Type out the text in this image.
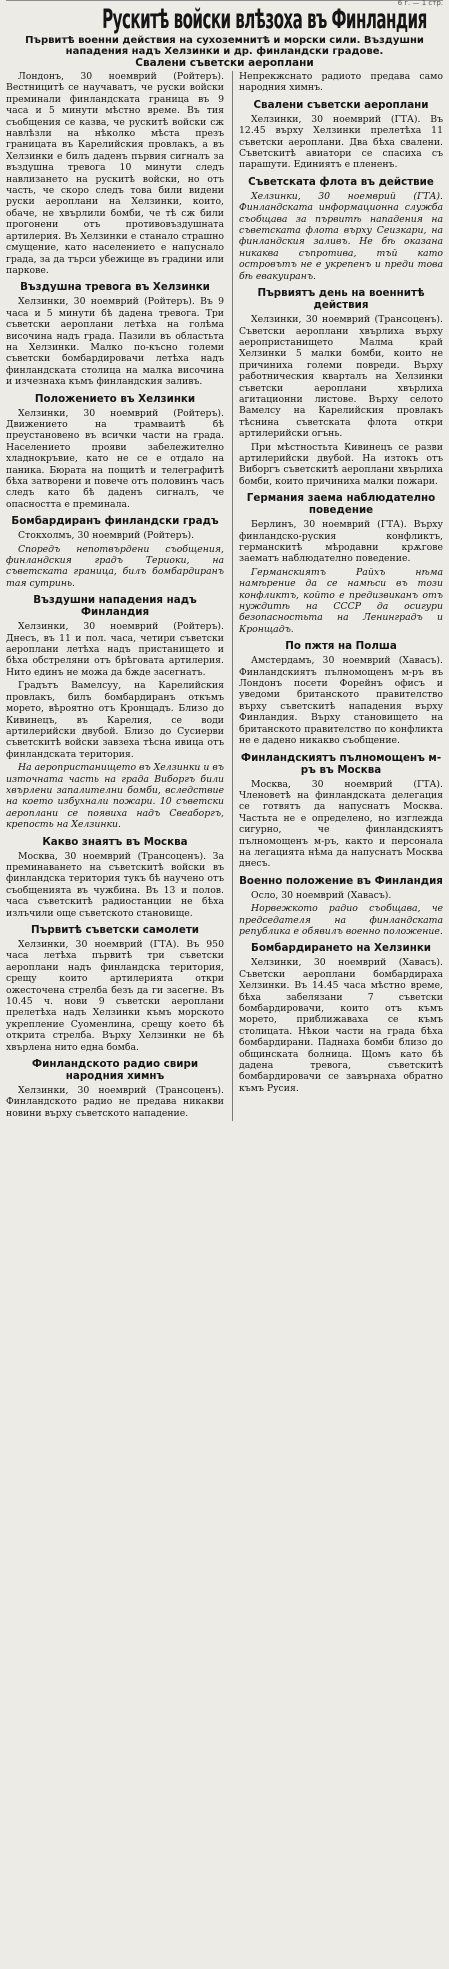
6 г. — 1 стр.
Рускитѣ войски влѣзоха въ Финландия
Първитѣ военни действия на сухоземнитѣ и морски сили. Въздушни нападения надъ Хелзинки и др. финландски градове.
Свалени съветски аероплани

Лондонъ, 30 ноемврий (Ройтеръ). Вестницитѣ се научаватъ, че руски войски преминали финландската граница въ 9 часа и 5 минути мѣстно време. Въ тия съобщения се казва, че рускитѣ войски сж навлѣзли на нѣколко мѣста презъ границата въ Карелийския провлакъ, а въ Хелзинки е билъ даденъ първия сигналъ за въздушна тревога 10 минути следъ навлизането на рускитѣ войски, но отъ часть, че скоро следъ това били видени руски аероплани на Хелзинки, които, обаче, не хвърлили бомби, че тѣ сж били прогонени отъ противовъздушната артилерия. Въ Хелзинки е станало страшно смущение, като населението е напуснало града, за да търси убежище въ градини или паркове.

Въздушна тревога въ Хелзинки

Хелзинки, 30 ноемврий (Ройтеръ). Въ 9 часа и 5 минути бѣ дадена тревога. Три съветски аероплани летѣха на голѣма височина надъ града. Пазили въ областьта на Хелзинки. Малко по-късно големи съветски бомбардировачи летѣха надъ финландската столица на малка височина и изчезнаха къмъ финландския заливъ.

Положението въ Хелзинки

Хелзинки, 30 ноемврий (Ройтеръ). Движението на трамваитѣ бѣ преустановено въ всички части на града. Населението прояви забележително хладнокръвие, като не се е отдало на паника. Бюрата на пощитѣ и телеграфитѣ бѣха затворени и повече отъ половинъ часъ следъ като бѣ даденъ сигналъ, че опасността е преминала.

Бомбардиранъ финландски градъ

Стокхолмъ, 30 ноемврий (Ройтеръ).

Споредъ непотвърдени съобщения, финландския градъ Териоки, на съветската граница, билъ бомбардиранъ тая сутринь.

Въздушни нападения надъ Финландия

Хелзинки, 30 ноемврий (Ройтеръ). Днесъ, въ 11 и пол. часа, четири съветски аероплани летѣха надъ пристанището и бѣха обстреляни отъ брѣговата артилерия. Нито единъ не можа да бжде засегнатъ.

Градътъ Вамелсуу, на Карелийския провлакъ, билъ бомбардиранъ откъмъ морето, вѣроятно отъ Кронщадъ. Близо до Кивинецъ, въ Карелия, се води артилерийски двубой. Близо до Сусиерви съветскитѣ войски завзеха тѣсна ивица отъ финландската територия.

На аеропристанището въ Хелзинки и въ източната часть на града Виборгъ били хвърлени запалителни бомби, вследствие на което избухнали пожари. 10 съветски аероплани се появиха надъ Свеаборгъ, крепость на Хелзинки.

Какво знаятъ въ Москва

Москва, 30 ноемврий (Трансоценъ). За преминаването на съветскитѣ войски въ финландска територия тукъ бѣ научено отъ съобщенията въ чужбина. Въ 13 и полов. часа съветскитѣ радиостанции не бѣха излъчили още съветското становище.

Първитѣ съветски самолети

Хелзинки, 30 ноемврий (ГТА). Въ 950 часа летѣха първитѣ три съветски аероплани надъ финландска територия, срещу които артилерията откри ожесточена стрелба безъ да ги засегне. Въ 10.45 ч. нови 9 съветски аероплани прелетѣха надъ Хелзинки къмъ морското укрепление Суоменлина, срещу което бѣ открита стрелба. Върху Хелзинки не бѣ хвърлена нито една бомба.

Финландското радио свири народния химнъ

Хелзинки, 30 ноемврий (Трансоценъ). Финландското радио не предава никакви новини върху съветското нападение.

Непрекжснато радиото предава само народния химнъ.

Свалени съветски аероплани

Хелзинки, 30 ноемврий (ГТА). Въ 12.45 върху Хелзинки прелетѣха 11 съветски аероплани. Два бѣха свалени. Съветскитѣ авиатори се спасиха съ парашути. Единиятъ е плененъ.

Съветската флота въ действие

Хелзинки, 30 ноемврий (ГТА). Финландската информационна служба съобщава за първитѣ нападения на съветската флота върху Сеизкари, на финландския заливъ. Не бѣ оказана никаква съпротива, тъй като островътъ не е укрепенъ и преди това бѣ евакуиранъ.

Първиятъ день на военнитѣ действия

Хелзинки, 30 ноемврий (Трансоценъ). Съветски аероплани хвърлиха върху аеропристанището Малма край Хелзинки 5 малки бомби, които не причиниха големи повреди. Върху работническия кварталъ на Хелзинки съветски аероплани хвърлиха агитационни листове. Върху селото Вамелсу на Карелийския провлакъ тѣснина съветската флота откри артилерийски огънь.

При мѣстностьта Кивинецъ се разви артилерийски двубой. На изтокъ отъ Виборгъ съветскитѣ аероплани хвърлиха бомби, които причиниха малки пожари.

Германия заема наблюдателно поведение

Берлинъ, 30 ноемврий (ГТА). Върху финландско-руския конфликтъ, германскитѣ мѣродавни крѫгове заематъ наблюдателно поведение.

Германскиятъ Райхъ нѣма намѣрение да се намѣси въ този конфликтъ, който е предизвиканъ отъ нуждитѣ на СССР да осигури безопасностьта на Ленинградъ и Кронщадъ.

По пжтя на Полша

Амстердамъ, 30 ноемврий (Хавасъ). Финландскиятъ пълномощенъ м-ръ въ Лондонъ посети Форейнъ офисъ и уведоми британското правителство върху съветскитѣ нападения върху Финландия. Върху становището на британското правителство по конфликта не е дадено никакво съобщение.

Финландскиятъ пълномощенъ м-ръ въ Москва

Москва, 30 ноемврий (ГТА). Членоветѣ на финландската делегация се готвятъ да напуснатъ Москва. Частьта не е определено, но изглежда сигурно, че финландскиятъ пълномощенъ м-ръ, както и персонала на легацията нѣма да напуснатъ Москва днесъ.

Военно положение въ Финландия

Осло, 30 ноемврий (Хавасъ).

Норвежкото радио съобщава, че председателя на финландската република е обявилъ военно положение.

Бомбардирането на Хелзинки

Хелзинки, 30 ноемврий (Хавасъ). Съветски аероплани бомбардираха Хелзинки. Въ 14.45 часа мѣстно време, бѣха забелязани 7 съветски бомбардировачи, които отъ къмъ морето, приближаваха се къмъ столицата. Нѣкои части на града бѣха бомбардирани. Паднаха бомби близо до общинската болница. Щомъ като бѣ дадена тревога, съветскитѣ бомбардировачи се завърнаха обратно къмъ Русия.
